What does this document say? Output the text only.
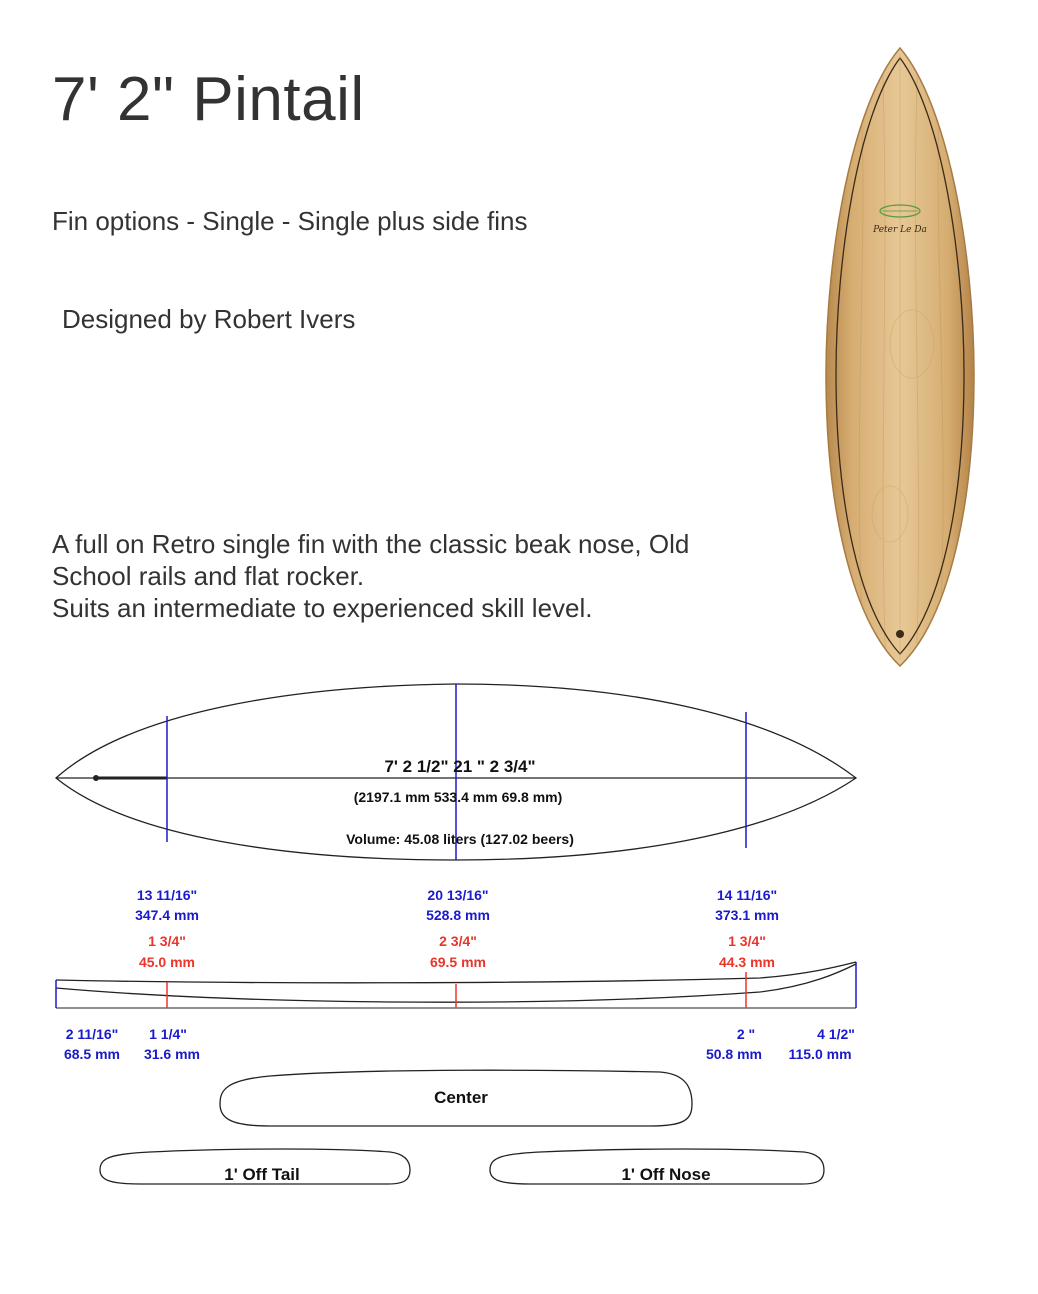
7' 2" Pintail

Fin options - Single - Single plus side fins

Designed by Robert Ivers

A full on Retro single fin with the classic beak nose, Old
School rails and flat rocker.
Suits an intermediate to experienced skill level.

Peter Le Da
7' 2 1/2" 21 " 2 3/4"
(2197.1 mm 533.4 mm 69.8 mm)
Volume: 45.08 liters (127.02 beers)
13 11/16"
347.4 mm
20 13/16"
528.8 mm
14 11/16"
373.1 mm
1 3/4"
45.0 mm
2 3/4"
69.5 mm
1 3/4"
44.3 mm
2 11/16"
68.5 mm
1 1/4"
31.6 mm
2 "
50.8 mm
4 1/2"
115.0 mm
Center
1' Off Tail	1' Off Nose
